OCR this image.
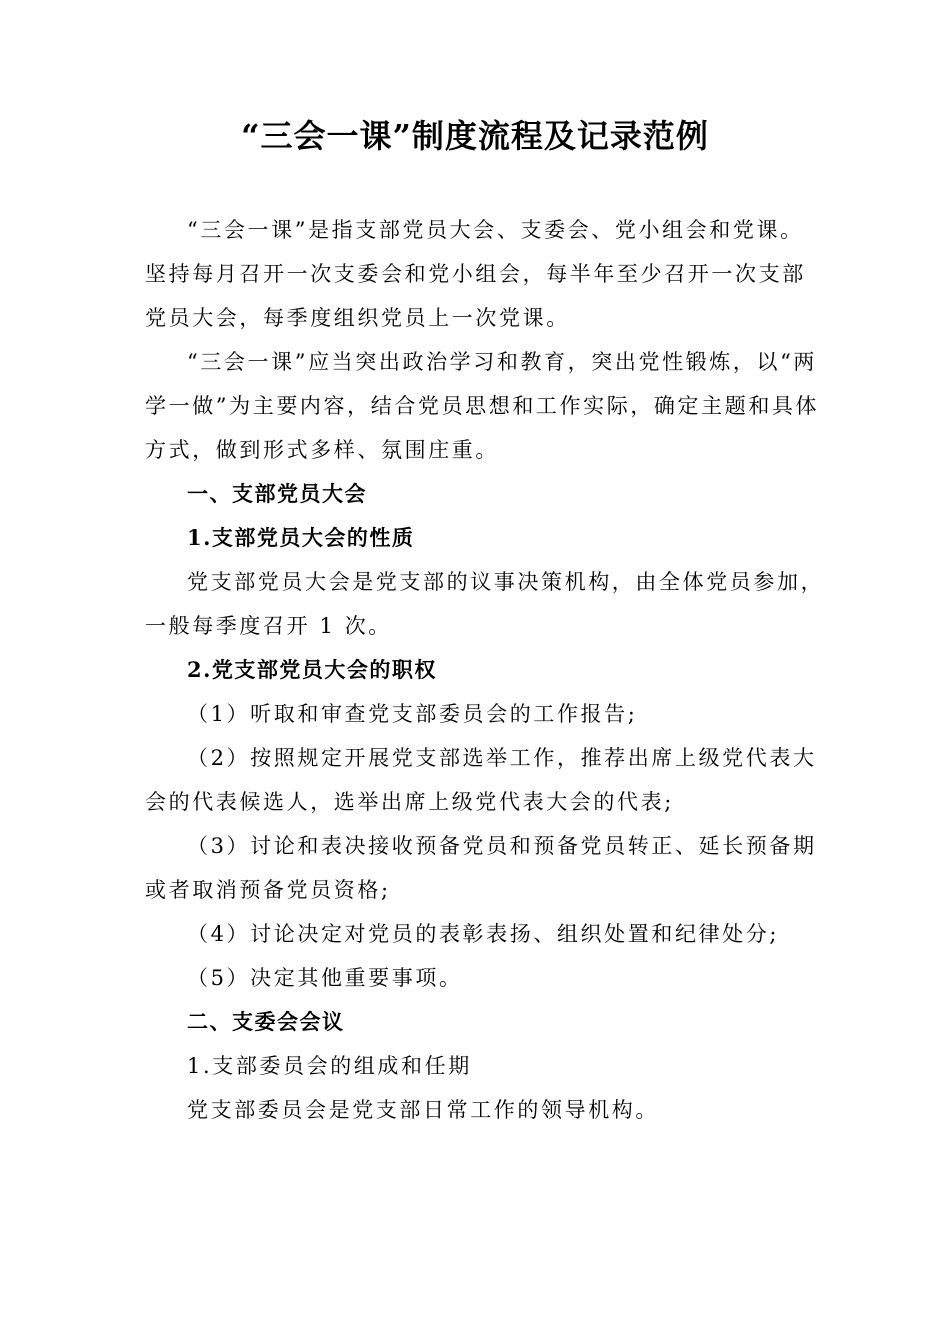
“三会一课”制度流程及记录范例

“三会一课”是指支部党员大会、支委会、党小组会和党课。坚持每月召开一次支委会和党小组会，每半年至少召开一次支部党员大会，每季度组织党员上一次党课。

“三会一课”应当突出政治学习和教育，突出党性锻炼，以“两学一做”为主要内容，结合党员思想和工作实际，确定主题和具体方式，做到形式多样、氛围庄重。

一、支部党员大会

1.支部党员大会的性质

党支部党员大会是党支部的议事决策机构，由全体党员参加，一般每季度召开 1 次。

2.党支部党员大会的职权

（1）听取和审查党支部委员会的工作报告;

（2）按照规定开展党支部选举工作，推荐出席上级党代表大会的代表候选人，选举出席上级党代表大会的代表;

（3）讨论和表决接收预备党员和预备党员转正、延长预备期或者取消预备党员资格;

（4）讨论决定对党员的表彰表扬、组织处置和纪律处分;

（5）决定其他重要事项。

二、支委会会议

1.支部委员会的组成和任期

党支部委员会是党支部日常工作的领导机构。
